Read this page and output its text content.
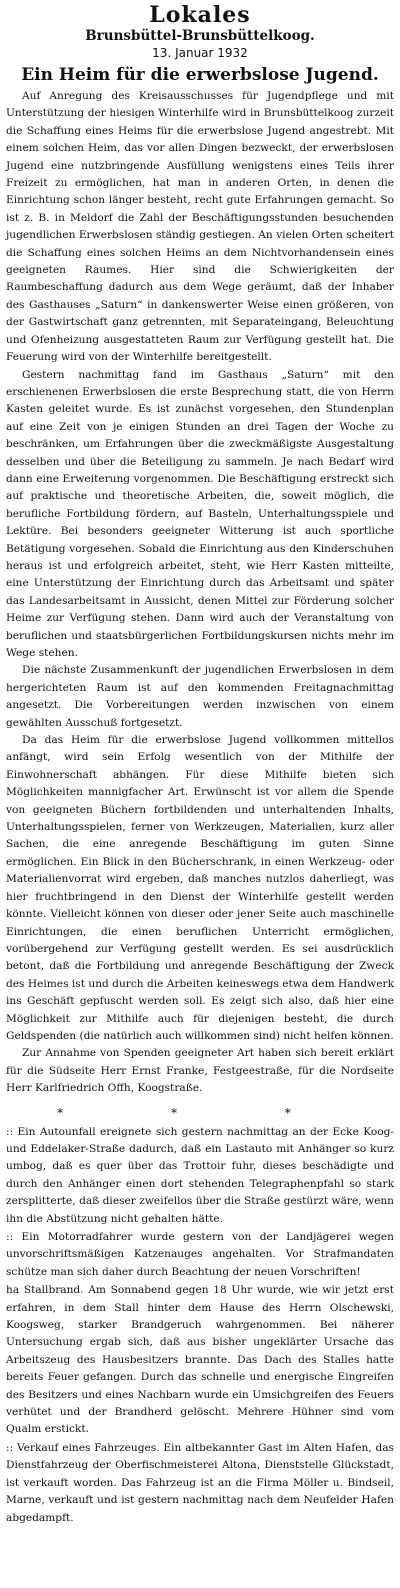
Lokales
Brunsbüttel-Brunsbüttelkoog.
13. Januar 1932
Ein Heim für die erwerbslose Jugend.

Auf Anregung des Kreisausschusses für Jugendpflege und mit Unterstützung der hiesigen Winterhilfe wird in Brunsbüttelkoog zurzeit die Schaffung eines Heims für die erwerbslose Jugend angestrebt. Mit einem solchen Heim, das vor allen Dingen bezweckt, der erwerbslosen Jugend eine nutzbringende Ausfüllung wenigstens eines Teils ihrer Freizeit zu ermöglichen, hat man in anderen Orten, in denen die Einrichtung schon länger besteht, recht gute Erfahrungen gemacht. So ist z. B. in Meldorf die Zahl der Beschäftigungsstunden besuchenden jugendlichen Erwerbslosen ständig gestiegen. An vielen Orten scheitert die Schaffung eines solchen Heims an dem Nichtvorhandensein eines geeigneten Raumes. Hier sind die Schwierigkeiten der Raumbeschaffung dadurch aus dem Wege geräumt, daß der Inhaber des Gasthauses „Saturn“ in dankenswerter Weise einen größeren, von der Gastwirtschaft ganz getrennten, mit Separateingang, Beleuchtung und Ofenheizung ausgestatteten Raum zur Verfügung gestellt hat. Die Feuerung wird von der Winterhilfe bereitgestellt.

Gestern nachmittag fand im Gasthaus „Saturn“ mit den erschienenen Erwerbslosen die erste Besprechung statt, die von Herrn Kasten geleitet wurde. Es ist zunächst vorgesehen, den Stundenplan auf eine Zeit von je einigen Stunden an drei Tagen der Woche zu beschränken, um Erfahrungen über die zweckmäßigste Ausgestaltung desselben und über die Beteiligung zu sammeln. Je nach Bedarf wird dann eine Erweiterung vorgenommen. Die Beschäftigung erstreckt sich auf praktische und theoretische Arbeiten, die, soweit möglich, die berufliche Fortbildung fördern, auf Basteln, Unterhaltungsspiele und Lektüre. Bei besonders geeigneter Witterung ist auch sportliche Betätigung vorgesehen. Sobald die Einrichtung aus den Kinderschuhen heraus ist und erfolgreich arbeitet, steht, wie Herr Kasten mitteilte, eine Unterstützung der Einrichtung durch das Arbeitsamt und später das Landesarbeitsamt in Aussicht, denen Mittel zur Förderung solcher Heime zur Verfügung stehen. Dann wird auch der Veranstaltung von beruflichen und staatsbürgerlichen Fortbildungskursen nichts mehr im Wege stehen.

Die nächste Zusammenkunft der jugendlichen Erwerbslosen in dem hergerichteten Raum ist auf den kommenden Freitagnachmittag angesetzt. Die Vorbereitungen werden inzwischen von einem gewählten Ausschuß fortgesetzt.

Da das Heim für die erwerbslose Jugend vollkommen mittellos anfängt, wird sein Erfolg wesentlich von der Mithilfe der Einwohnerschaft abhängen. Für diese Mithilfe bieten sich Möglichkeiten mannigfacher Art. Erwünscht ist vor allem die Spende von geeigneten Büchern fortbildenden und unterhaltenden Inhalts, Unterhaltungsspielen, ferner von Werkzeugen, Materialien, kurz aller Sachen, die eine anregende Beschäftigung im guten Sinne ermöglichen. Ein Blick in den Bücherschrank, in einen Werkzeug- oder Materialienvorrat wird ergeben, daß manches nutzlos daherliegt, was hier fruchtbringend in den Dienst der Winterhilfe gestellt werden könnte. Vielleicht können von dieser oder jener Seite auch maschinelle Einrichtungen, die einen beruflichen Unterricht ermöglichen, vorübergehend zur Verfügung gestellt werden. Es sei ausdrücklich betont, daß die Fortbildung und anregende Beschäftigung der Zweck des Heimes ist und durch die Arbeiten keineswegs etwa dem Handwerk ins Geschäft gepfuscht werden soll. Es zeigt sich also, daß hier eine Möglichkeit zur Mithilfe auch für diejenigen besteht, die durch Geldspenden (die natürlich auch willkommen sind) nicht helfen können.

Zur Annahme von Spenden geeigneter Art haben sich bereit erklärt für die Südseite Herr Ernst Franke, Festgeestraße, für die Nordseite Herr Karlfriedrich Offh, Koogstraße.

* * *

:: Ein Autounfall ereignete sich gestern nachmittag an der Ecke Koog- und Eddelaker-Straße dadurch, daß ein Lastauto mit Anhänger so kurz umbog, daß es quer über das Trottoir fuhr, dieses beschädigte und durch den Anhänger einen dort stehenden Telegraphenpfahl so stark zersplitterte, daß dieser zweifellos über die Straße gestürzt wäre, wenn ihn die Abstützung nicht gehalten hätte.

:: Ein Motorradfahrer wurde gestern von der Landjägerei wegen unvorschriftsmäßigen Katzenauges angehalten. Vor Strafmandaten schütze man sich daher durch Beachtung der neuen Vorschriften!

ha Stallbrand. Am Sonnabend gegen 18 Uhr wurde, wie wir jetzt erst erfahren, in dem Stall hinter dem Hause des Herrn Olschewski, Koogsweg, starker Brandgeruch wahrgenommen. Bei näherer Untersuchung ergab sich, daß aus bisher ungeklärter Ursache das Arbeitszeug des Hausbesitzers brannte. Das Dach des Stalles hatte bereits Feuer gefangen. Durch das schnelle und energische Eingreifen des Besitzers und eines Nachbarn wurde ein Umsichgreifen des Feuers verhütet und der Brandherd gelöscht. Mehrere Hühner sind vom Qualm erstickt.

:: Verkauf eines Fahrzeuges. Ein altbekannter Gast im Alten Hafen, das Dienstfahrzeug der Oberfischmeisterei Altona, Dienststelle Glückstadt, ist verkauft worden. Das Fahrzeug ist an die Firma Möller u. Bindseil, Marne, verkauft und ist gestern nachmittag nach dem Neufelder Hafen abgedampft.
